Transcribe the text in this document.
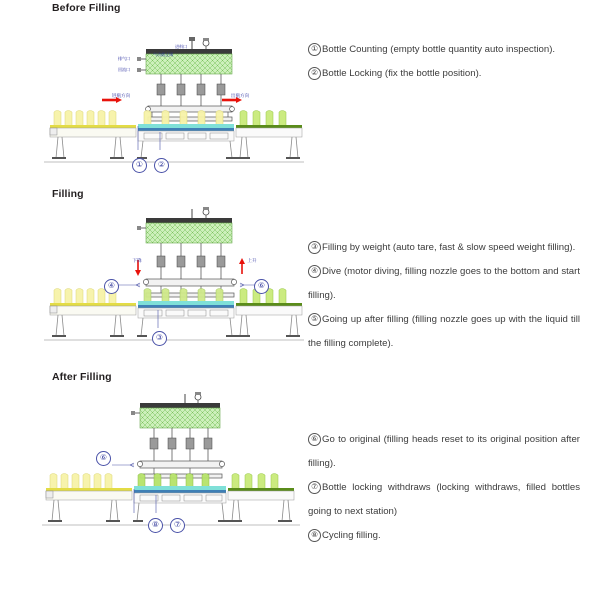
Before Filling
进料口
气动截止阀
排气口
回流口
进瓶方向	出瓶方向
①	②
① Bottle Counting (empty bottle quantity auto inspection).
② Bottle Locking (fix the bottle position).
Filling
下降	上升
④	⑥
③
③ Filling by weight (auto tare, fast & slow speed weight filling).
④ Dive (motor diving, filling nozzle goes to the bottom and start filling).
⑤ Going up after filling (filling nozzle goes up with the liquid till the filling complete).
After Filling
⑥
⑧	⑦
⑥ Go to original (filling heads reset to its original position after filling).
⑦ Bottle locking withdraws (locking withdraws, filled bottles going to next station)
⑧ Cycling filling.
